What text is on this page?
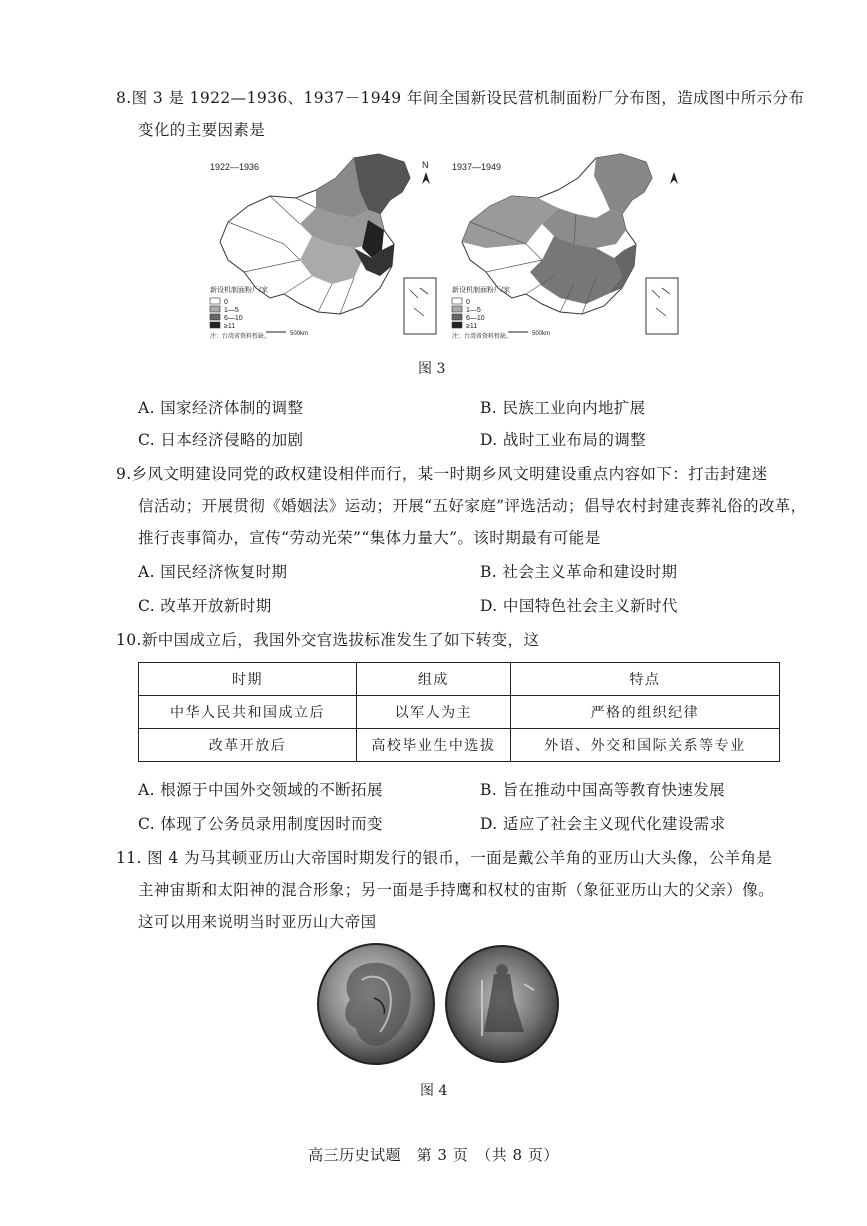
8.图 3 是 1922—1936、1937－1949 年间全国新设民营机制面粉厂分布图，造成图中所示分布
变化的主要因素是
1922—1936	N
新设机制面粉厂/家
0
1—5
6—10
≥11
注：台湾省资料暂缺。	500km
1937—1949
新设机制面粉厂/家
0
1—5
6—10
≥11
注：台湾省资料暂缺。	500km
图 3
A. 国家经济体制的调整	B. 民族工业向内地扩展
C. 日本经济侵略的加剧	D. 战时工业布局的调整
9.乡风文明建设同党的政权建设相伴而行，某一时期乡风文明建设重点内容如下：打击封建迷
信活动；开展贯彻《婚姻法》运动；开展“五好家庭”评选活动；倡导农村封建丧葬礼俗的改革，
推行丧事简办，宣传“劳动光荣”“集体力量大”。该时期最有可能是
A. 国民经济恢复时期	B. 社会主义革命和建设时期
C. 改革开放新时期	D. 中国特色社会主义新时代
10.新中国成立后，我国外交官选拔标准发生了如下转变，这
时期	组成	特点
中华人民共和国成立后	以军人为主	严格的组织纪律
改革开放后	高校毕业生中选拔	外语、外交和国际关系等专业
A. 根源于中国外交领域的不断拓展	B. 旨在推动中国高等教育快速发展
C. 体现了公务员录用制度因时而变	D. 适应了社会主义现代化建设需求
11. 图 4 为马其顿亚历山大帝国时期发行的银币，一面是戴公羊角的亚历山大头像，公羊角是
主神宙斯和太阳神的混合形象；另一面是手持鹰和权杖的宙斯（象征亚历山大的父亲）像。
这可以用来说明当时亚历山大帝国
图 4
高三历史试题　第 3 页　（共 8 页）
